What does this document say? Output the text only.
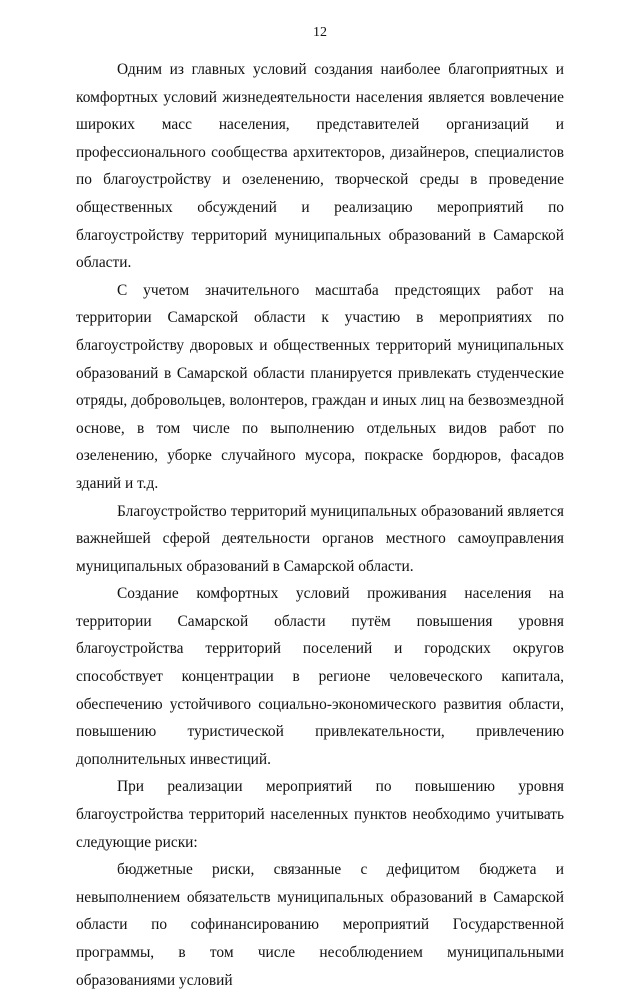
12

Одним из главных условий создания наиболее благоприятных и комфортных условий жизнедеятельности населения является вовлечение широких масс населения, представителей организаций и профессионального сообщества архитекторов, дизайнеров, специалистов по благоустройству и озеленению, творческой среды в проведение общественных обсуждений и реализацию мероприятий по благоустройству территорий муниципальных образований в Самарской области.

С учетом значительного масштаба предстоящих работ на территории Самарской области к участию в мероприятиях по благоустройству дворовых и общественных территорий муниципальных образований в Самарской области планируется привлекать студенческие отряды, добровольцев, волонтеров, граждан и иных лиц на безвозмездной основе, в том числе по выполнению отдельных видов работ по озеленению, уборке случайного мусора, покраске бордюров, фасадов зданий и т.д.

Благоустройство территорий муниципальных образований является важнейшей сферой деятельности органов местного самоуправления муниципальных образований в Самарской области.

Создание комфортных условий проживания населения на территории Самарской области путём повышения уровня благоустройства территорий поселений и городских округов способствует концентрации в регионе человеческого капитала, обеспечению устойчивого социально-экономического развития области, повышению туристической привлекательности, привлечению дополнительных инвестиций.

При реализации мероприятий по повышению уровня благоустройства территорий населенных пунктов необходимо учитывать следующие риски:

бюджетные риски, связанные с дефицитом бюджета и невыполнением обязательств муниципальных образований в Самарской области по софинансированию мероприятий Государственной программы, в том числе несоблюдением муниципальными образованиями условий
